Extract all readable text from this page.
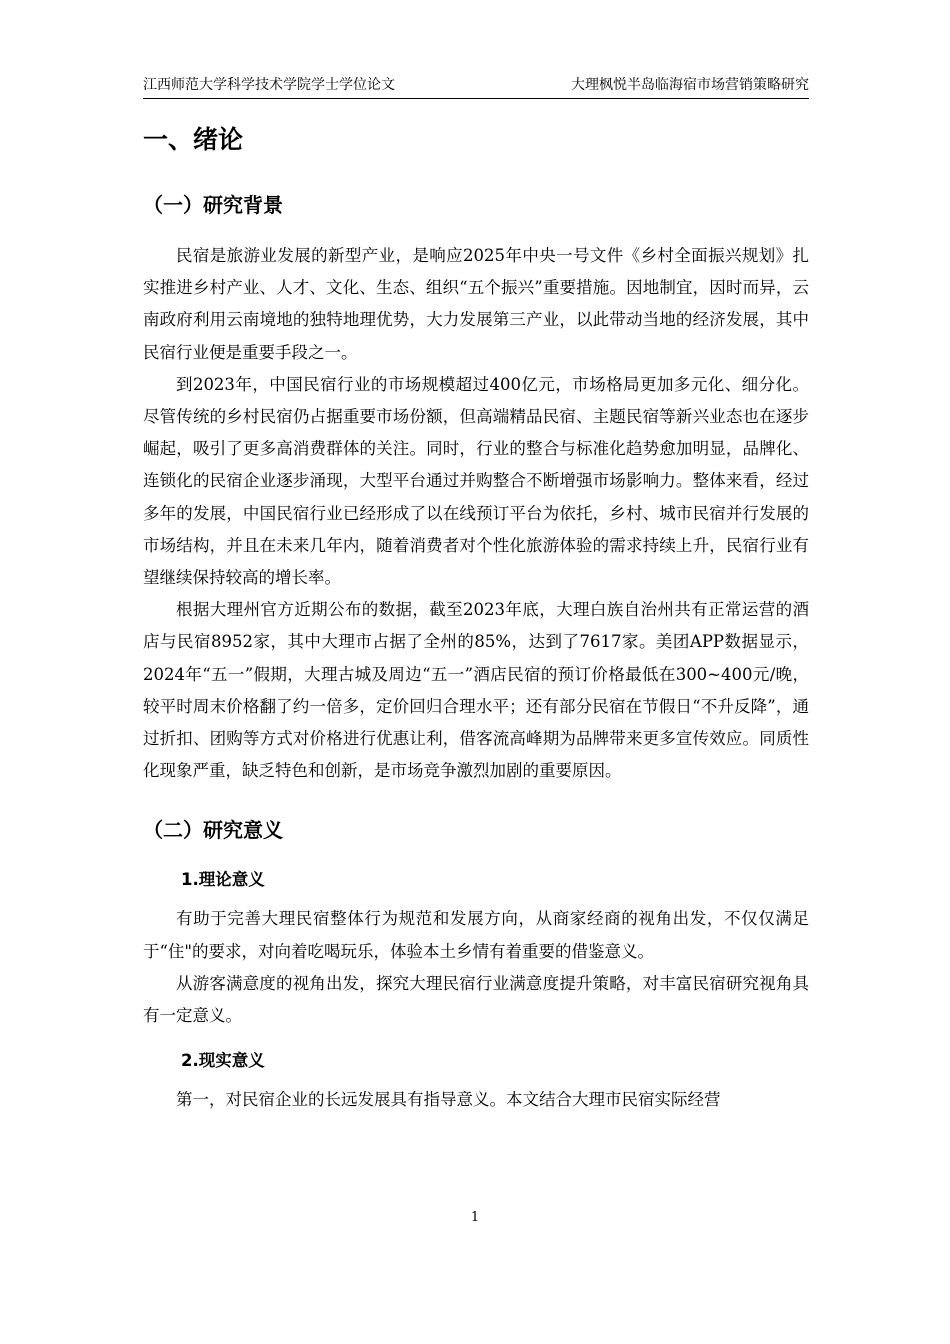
江西师范大学科学技术学院学士学位论文	大理枫悦半岛临海宿市场营销策略研究
一、绪论
（一）研究背景

民宿是旅游业发展的新型产业，是响应2025年中央一号文件《乡村全面振兴规划》扎实推进乡村产业、人才、文化、生态、组织“五个振兴”重要措施。因地制宜，因时而异，云南政府利用云南境地的独特地理优势，大力发展第三产业，以此带动当地的经济发展，其中民宿行业便是重要手段之一。

到2023年，中国民宿行业的市场规模超过400亿元，市场格局更加多元化、细分化。尽管传统的乡村民宿仍占据重要市场份额，但高端精品民宿、主题民宿等新兴业态也在逐步崛起，吸引了更多高消费群体的关注。同时，行业的整合与标准化趋势愈加明显，品牌化、连锁化的民宿企业逐步涌现，大型平台通过并购整合不断增强市场影响力。整体来看，经过多年的发展，中国民宿行业已经形成了以在线预订平台为依托，乡村、城市民宿并行发展的市场结构，并且在未来几年内，随着消费者对个性化旅游体验的需求持续上升，民宿行业有望继续保持较高的增长率。

根据大理州官方近期公布的数据，截至2023年底，大理白族自治州共有正常运营的酒店与民宿8952家，其中大理市占据了全州的85%，达到了7617家。美团APP数据显示，2024年“五一”假期，大理古城及周边“五一”酒店民宿的预订价格最低在300~400元/晚，较平时周末价格翻了约一倍多，定价回归合理水平；还有部分民宿在节假日“不升反降”，通过折扣、团购等方式对价格进行优惠让利，借客流高峰期为品牌带来更多宣传效应。同质性化现象严重，缺乏特色和创新，是市场竞争激烈加剧的重要原因。

（二）研究意义
1.理论意义

有助于完善大理民宿整体行为规范和发展方向，从商家经商的视角出发，不仅仅满足于“住"的要求，对向着吃喝玩乐，体验本土乡情有着重要的借鉴意义。

从游客满意度的视角出发，探究大理民宿行业满意度提升策略，对丰富民宿研究视角具有一定意义。

2.现实意义

第一，对民宿企业的长远发展具有指导意义。本文结合大理市民宿实际经营

1
